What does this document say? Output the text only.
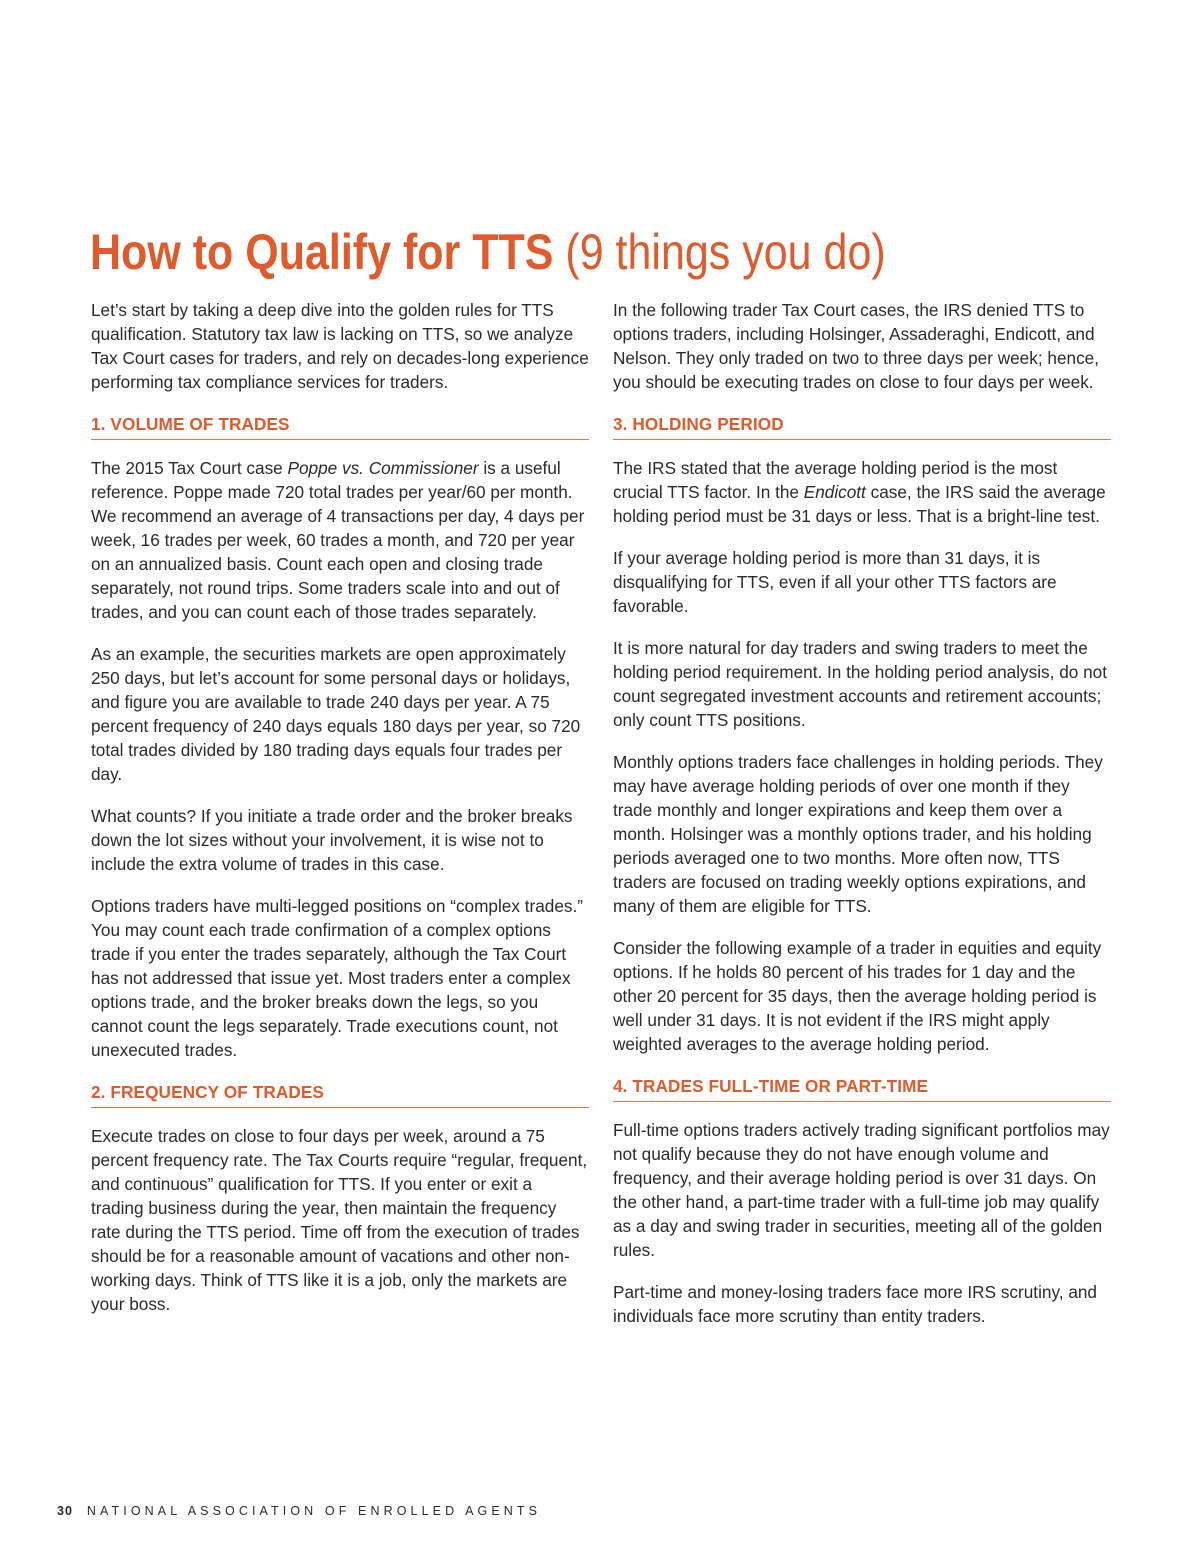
How to Qualify for TTS (9 things you do)

Let’s start by taking a deep dive into the golden rules for TTS qualification. Statutory tax law is lacking on TTS, so we analyze Tax Court cases for traders, and rely on decades-long experience performing tax compliance services for traders.

1. VOLUME OF TRADES

The 2015 Tax Court case Poppe vs. Commissioner is a useful reference. Poppe made 720 total trades per year/60 per month. We recommend an average of 4 transactions per day, 4 days per week, 16 trades per week, 60 trades a month, and 720 per year on an annualized basis. Count each open and closing trade separately, not round trips. Some traders scale into and out of trades, and you can count each of those trades separately.

As an example, the securities markets are open approximately 250 days, but let’s account for some personal days or holidays, and figure you are available to trade 240 days per year. A 75 percent frequency of 240 days equals 180 days per year, so 720 total trades divided by 180 trading days equals four trades per day.

What counts? If you initiate a trade order and the broker breaks down the lot sizes without your involvement, it is wise not to include the extra volume of trades in this case.

Options traders have multi-legged positions on “complex trades.” You may count each trade confirmation of a complex options trade if you enter the trades separately, although the Tax Court has not addressed that issue yet. Most traders enter a complex options trade, and the broker breaks down the legs, so you cannot count the legs separately. Trade executions count, not unexecuted trades.

2. FREQUENCY OF TRADES

Execute trades on close to four days per week, around a 75 percent frequency rate. The Tax Courts require “regular, frequent, and continuous” qualification for TTS. If you enter or exit a trading business during the year, then maintain the frequency rate during the TTS period. Time off from the execution of trades should be for a reasonable amount of vacations and other non-working days. Think of TTS like it is a job, only the markets are your boss.

In the following trader Tax Court cases, the IRS denied TTS to options traders, including Holsinger, Assaderaghi, Endicott, and Nelson. They only traded on two to three days per week; hence, you should be executing trades on close to four days per week.

3. HOLDING PERIOD

The IRS stated that the average holding period is the most crucial TTS factor. In the Endicott case, the IRS said the average holding period must be 31 days or less. That is a bright-line test.

If your average holding period is more than 31 days, it is disqualifying for TTS, even if all your other TTS factors are favorable.

It is more natural for day traders and swing traders to meet the holding period requirement. In the holding period analysis, do not count segregated investment accounts and retirement accounts; only count TTS positions.

Monthly options traders face challenges in holding periods. They may have average holding periods of over one month if they trade monthly and longer expirations and keep them over a month. Holsinger was a monthly options trader, and his holding periods averaged one to two months. More often now, TTS traders are focused on trading weekly options expirations, and many of them are eligible for TTS.

Consider the following example of a trader in equities and equity options. If he holds 80 percent of his trades for 1 day and the other 20 percent for 35 days, then the average holding period is well under 31 days. It is not evident if the IRS might apply weighted averages to the average holding period.

4. TRADES FULL-TIME OR PART-TIME

Full-time options traders actively trading significant portfolios may not qualify because they do not have enough volume and frequency, and their average holding period is over 31 days. On the other hand, a part-time trader with a full-time job may qualify as a day and swing trader in securities, meeting all of the golden rules.

Part-time and money-losing traders face more IRS scrutiny, and individuals face more scrutiny than entity traders.

30 NATIONAL ASSOCIATION OF ENROLLED AGENTS
